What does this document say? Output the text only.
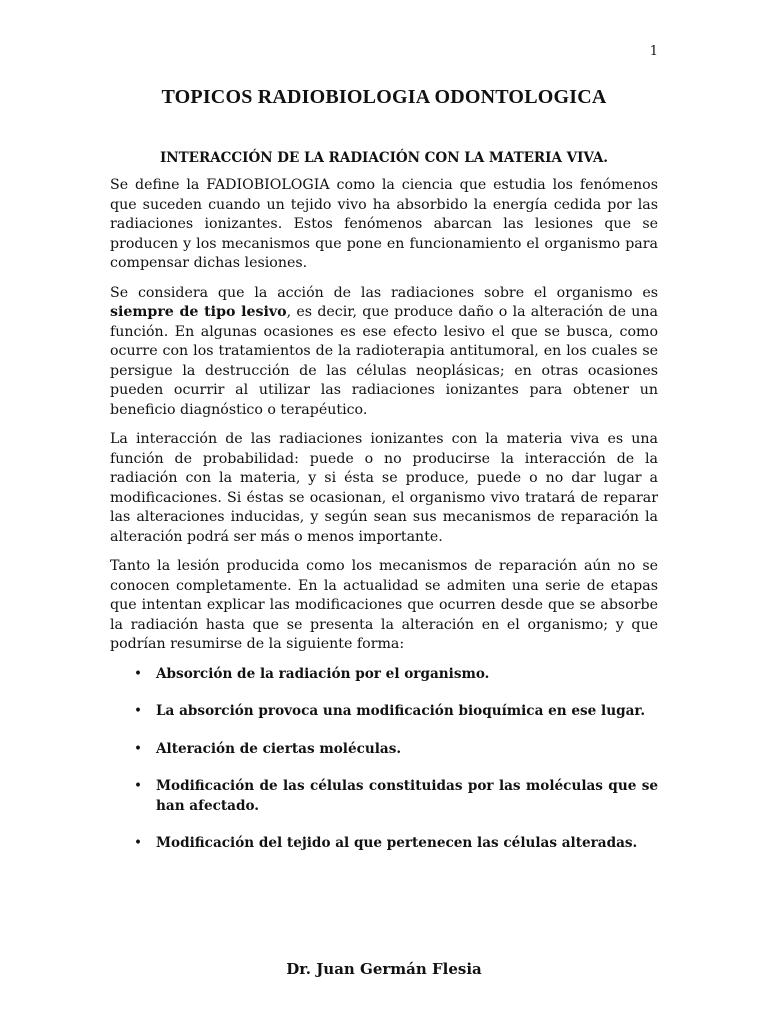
1
TOPICOS RADIOBIOLOGIA ODONTOLOGICA
INTERACCIÓN DE LA RADIACIÓN CON LA MATERIA VIVA.

Se define la FADIOBIOLOGIA como la ciencia que estudia los fenómenos que suceden cuando un tejido vivo ha absorbido la energía cedida por las radiaciones ionizantes. Estos fenómenos abarcan las lesiones que se producen y los mecanismos que pone en funcionamiento el organismo para compensar dichas lesiones.

Se considera que la acción de las radiaciones sobre el organismo es siempre de tipo lesivo, es decir, que produce daño o la alteración de una función. En algunas ocasiones es ese efecto lesivo el que se busca, como ocurre con los tratamientos de la radioterapia antitumoral, en los cuales se persigue la destrucción de las células neoplásicas; en otras ocasiones pueden ocurrir al utilizar las radiaciones ionizantes para obtener un beneficio diagnóstico o terapéutico.

La interacción de las radiaciones ionizantes con la materia viva es una función de probabilidad: puede o no producirse la interacción de la radiación con la materia, y si ésta se produce, puede o no dar lugar a modificaciones. Si éstas se ocasionan, el organismo vivo tratará de reparar las alteraciones inducidas, y según sean sus mecanismos de reparación la alteración podrá ser más o menos importante.

Tanto la lesión producida como los mecanismos de reparación aún no se conocen completamente. En la actualidad se admiten una serie de etapas que intentan explicar las modificaciones que ocurren desde que se absorbe la radiación hasta que se presenta la alteración en el organismo; y que podrían resumirse de la siguiente forma:

• Absorción de la radiación por el organismo.
• La absorción provoca una modificación bioquímica en ese lugar.
• Alteración de ciertas moléculas.
• Modificación de las células constituidas por las moléculas que se han afectado.
• Modificación del tejido al que pertenecen las células alteradas.
Dr. Juan Germán Flesia
